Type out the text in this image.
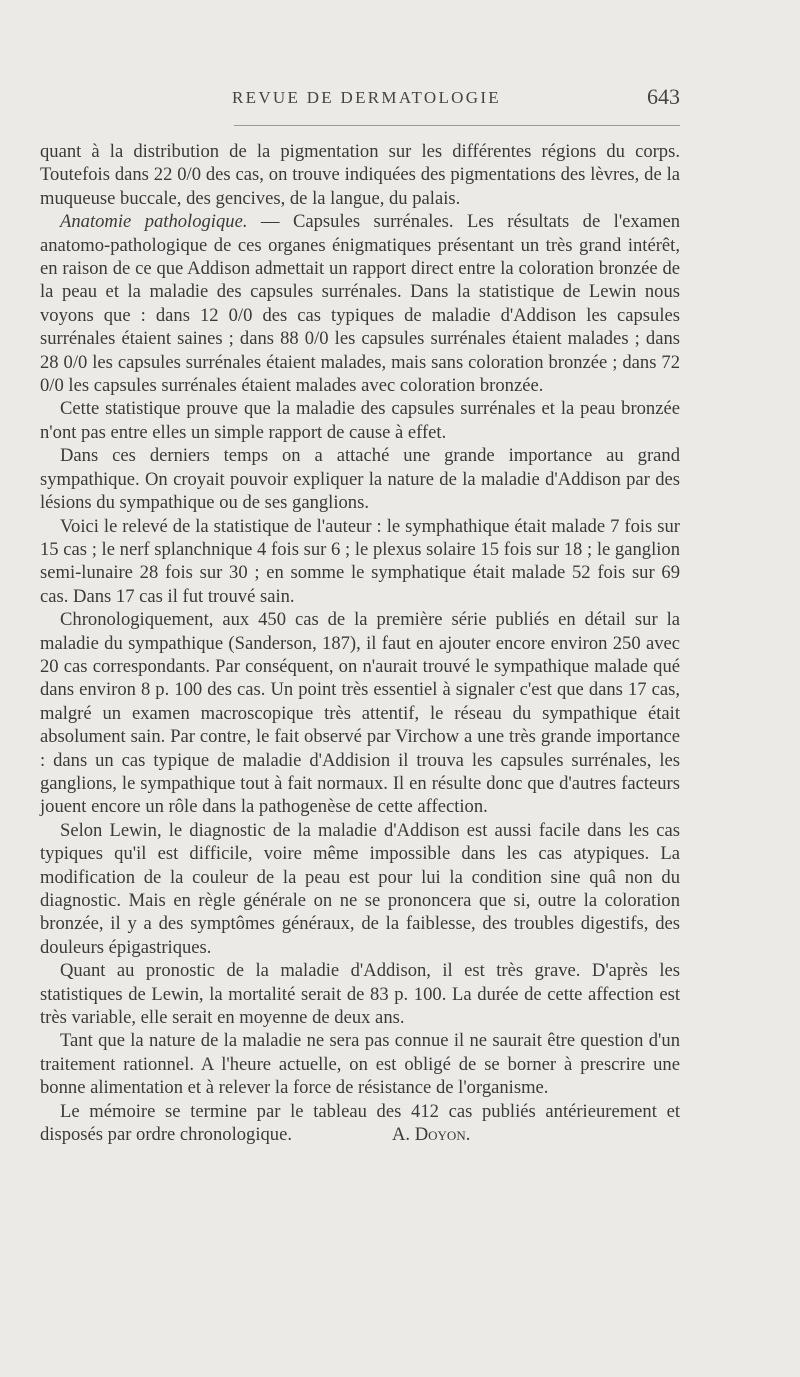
REVUE DE DERMATOLOGIE	643

quant à la distribution de la pigmentation sur les différentes régions du corps. Toutefois dans 22 0/0 des cas, on trouve indiquées des pigmentations des lèvres, de la muqueuse buccale, des gencives, de la langue, du palais.

Anatomie pathologique. — Capsules surrénales. Les résultats de l'examen anatomo-pathologique de ces organes énigmatiques présentant un très grand intérêt, en raison de ce que Addison admettait un rapport direct entre la coloration bronzée de la peau et la maladie des capsules surrénales. Dans la statistique de Lewin nous voyons que : dans 12 0/0 des cas typiques de maladie d'Addison les capsules surrénales étaient saines ; dans 88 0/0 les capsules surrénales étaient malades ; dans 28 0/0 les capsules surrénales étaient malades, mais sans coloration bronzée ; dans 72 0/0 les capsules surrénales étaient malades avec coloration bronzée.

Cette statistique prouve que la maladie des capsules surrénales et la peau bronzée n'ont pas entre elles un simple rapport de cause à effet.

Dans ces derniers temps on a attaché une grande importance au grand sympathique. On croyait pouvoir expliquer la nature de la maladie d'Addison par des lésions du sympathique ou de ses ganglions.

Voici le relevé de la statistique de l'auteur : le symphathique était malade 7 fois sur 15 cas ; le nerf splanchnique 4 fois sur 6 ; le plexus solaire 15 fois sur 18 ; le ganglion semi-lunaire 28 fois sur 30 ; en somme le symphatique était malade 52 fois sur 69 cas. Dans 17 cas il fut trouvé sain.

Chronologiquement, aux 450 cas de la première série publiés en détail sur la maladie du sympathique (Sanderson, 187), il faut en ajouter encore environ 250 avec 20 cas correspondants. Par conséquent, on n'aurait trouvé le sympathique malade qué dans environ 8 p. 100 des cas. Un point très essentiel à signaler c'est que dans 17 cas, malgré un examen macroscopique très attentif, le réseau du sympathique était absolument sain. Par contre, le fait observé par Virchow a une très grande importance : dans un cas typique de maladie d'Addision il trouva les capsules surrénales, les ganglions, le sympathique tout à fait normaux. Il en résulte donc que d'autres facteurs jouent encore un rôle dans la pathogenèse de cette affection.

Selon Lewin, le diagnostic de la maladie d'Addison est aussi facile dans les cas typiques qu'il est difficile, voire même impossible dans les cas atypiques. La modification de la couleur de la peau est pour lui la condition sine quâ non du diagnostic. Mais en règle générale on ne se prononcera que si, outre la coloration bronzée, il y a des symptômes généraux, de la faiblesse, des troubles digestifs, des douleurs épigastriques.

Quant au pronostic de la maladie d'Addison, il est très grave. D'après les statistiques de Lewin, la mortalité serait de 83 p. 100. La durée de cette affection est très variable, elle serait en moyenne de deux ans.

Tant que la nature de la maladie ne sera pas connue il ne saurait être question d'un traitement rationnel. A l'heure actuelle, on est obligé de se borner à prescrire une bonne alimentation et à relever la force de résistance de l'organisme.

Le mémoire se termine par le tableau des 412 cas publiés antérieurement et disposés par ordre chronologique.	A. Doyon.
